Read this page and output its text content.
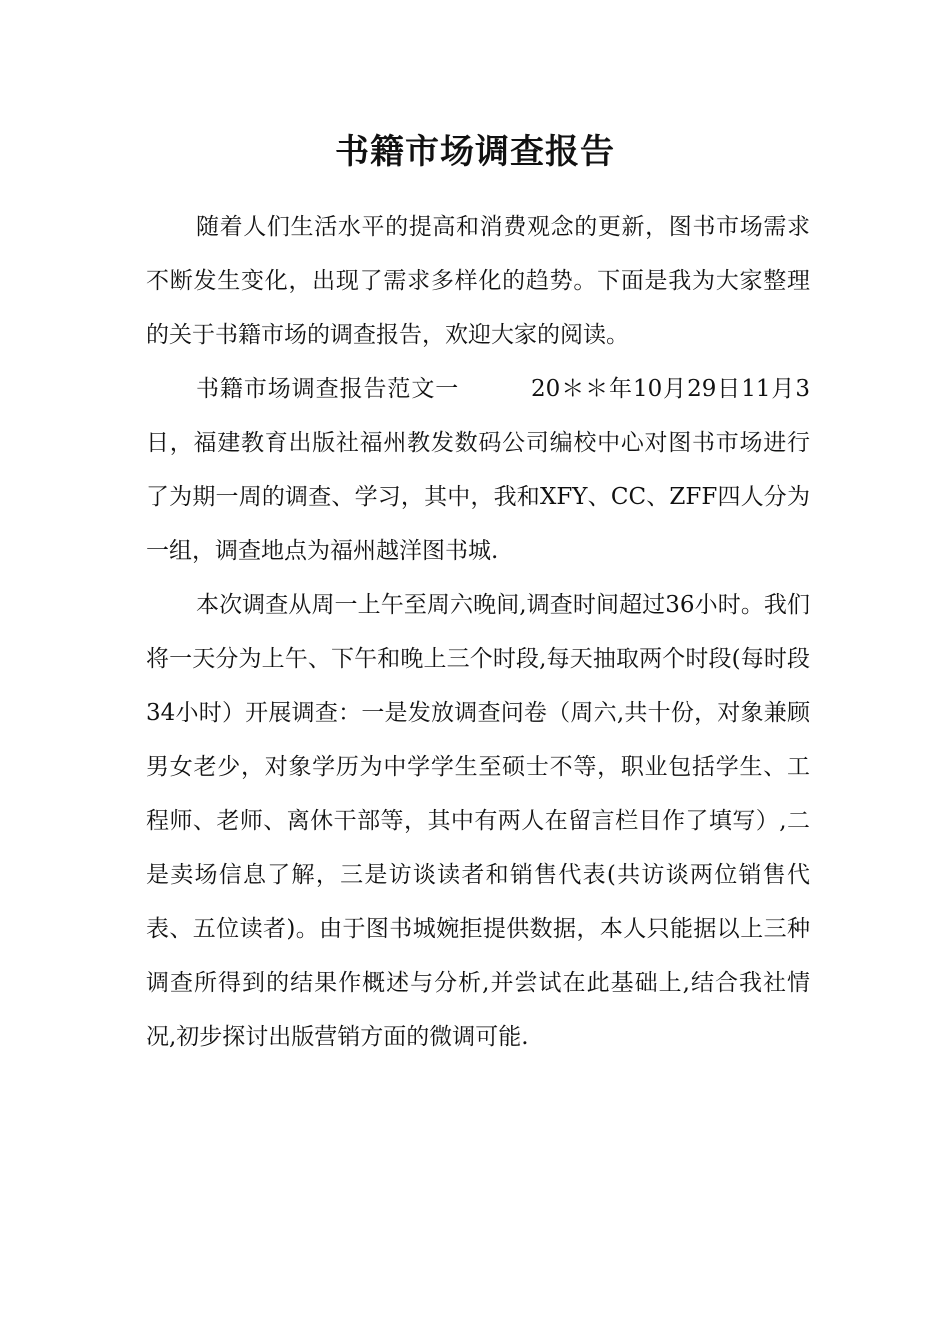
书籍市场调查报告

随着人们生活水平的提高和消费观念的更新，图书市场需求不断发生变化，出现了需求多样化的趋势。下面是我为大家整理的关于书籍市场的调查报告，欢迎大家的阅读。

书籍市场调查报告范文一　　　20＊＊年10月29日11月3日，福建教育出版社福州教发数码公司编校中心对图书市场进行了为期一周的调查、学习，其中，我和XFY、CC、ZFF四人分为一组，调查地点为福州越洋图书城.

本次调查从周一上午至周六晚间,调查时间超过36小时。我们将一天分为上午、下午和晚上三个时段,每天抽取两个时段(每时段34小时）开展调查：一是发放调查问卷（周六,共十份，对象兼顾男女老少，对象学历为中学学生至硕士不等，职业包括学生、工程师、老师、离休干部等，其中有两人在留言栏目作了填写）,二是卖场信息了解，三是访谈读者和销售代表(共访谈两位销售代表、五位读者)。由于图书城婉拒提供数据，本人只能据以上三种调查所得到的结果作概述与分析,并尝试在此基础上,结合我社情况,初步探讨出版营销方面的微调可能.
